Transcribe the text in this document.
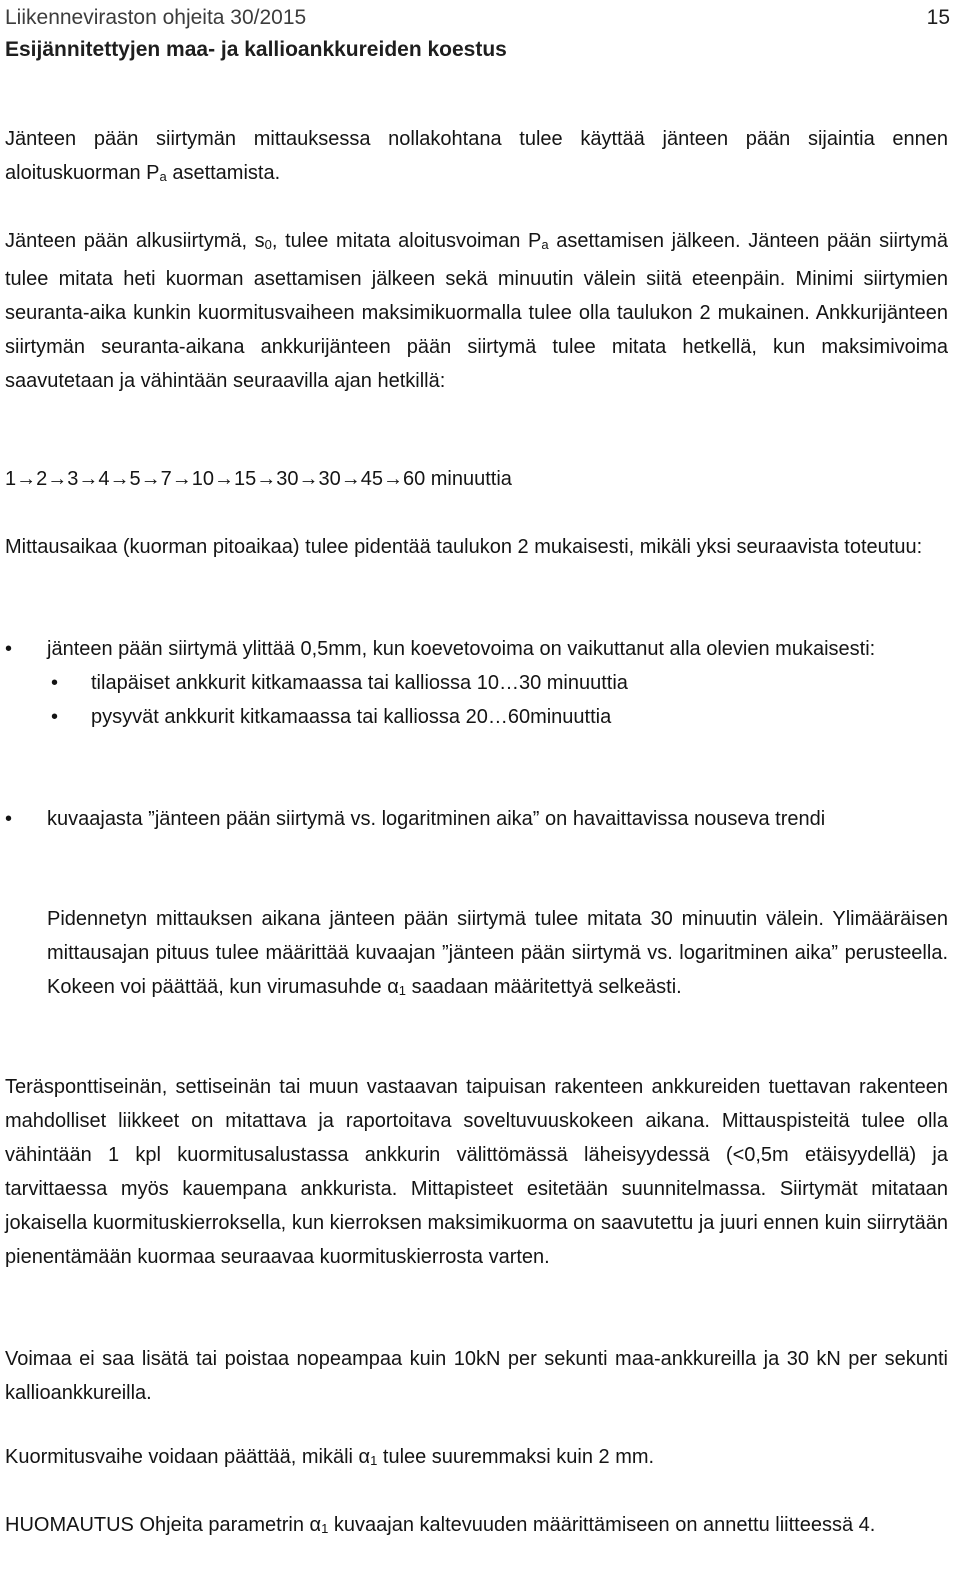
Liikenneviraston ohjeita 30/2015
Esijännitettyjen maa- ja kallioankkureiden koestus
15

Jänteen pään siirtymän mittauksessa nollakohtana tulee käyttää jänteen pään sijaintia ennen aloituskuorman Pa asettamista.

Jänteen pään alkusiirtymä, s0, tulee mitata aloitusvoiman Pa asettamisen jälkeen. Jänteen pään siirtymä tulee mitata heti kuorman asettamisen jälkeen sekä minuutin välein siitä eteenpäin. Minimi siirtymien seuranta-aika kunkin kuormitusvaiheen maksimikuormalla tulee olla taulukon 2 mukainen. Ankkurijänteen siirtymän seuranta-aikana ankkurijänteen pään siirtymä tulee mitata hetkellä, kun maksimivoima saavutetaan ja vähintään seuraavilla ajan hetkillä:

1→2→3→4→5→7→10→15→30→30→45→60 minuuttia

Mittausaikaa (kuorman pitoaikaa) tulee pidentää taulukon 2 mukaisesti, mikäli yksi seuraavista toteutuu:

• jänteen pään siirtymä ylittää 0,5mm, kun koevetovoima on vaikuttanut alla olevien mukaisesti:
• tilapäiset ankkurit kitkamaassa tai kalliossa 10…30 minuuttia
• pysyvät ankkurit kitkamaassa tai kalliossa 20…60minuuttia
• kuvaajasta ”jänteen pään siirtymä vs. logaritminen aika” on havaittavissa nouseva trendi

Pidennetyn mittauksen aikana jänteen pään siirtymä tulee mitata 30 minuutin välein. Ylimääräisen mittausajan pituus tulee määrittää kuvaajan ”jänteen pään siirtymä vs. logaritminen aika” perusteella. Kokeen voi päättää, kun virumasuhde α1 saadaan määritettyä selkeästi.

Teräsponttiseinän, settiseinän tai muun vastaavan taipuisan rakenteen ankkureiden tuettavan rakenteen mahdolliset liikkeet on mitattava ja raportoitava soveltuvuuskokeen aikana. Mittauspisteitä tulee olla vähintään 1 kpl kuormitusalustassa ankkurin välittömässä läheisyydessä (<0,5m etäisyydellä) ja tarvittaessa myös kauempana ankkurista. Mittapisteet esitetään suunnitelmassa. Siirtymät mitataan jokaisella kuormituskierroksella, kun kierroksen maksimikuorma on saavutettu ja juuri ennen kuin siirrytään pienentämään kuormaa seuraavaa kuormituskierrosta varten.

Voimaa ei saa lisätä tai poistaa nopeampaa kuin 10kN per sekunti maa-ankkureilla ja 30 kN per sekunti kallioankkureilla.

Kuormitusvaihe voidaan päättää, mikäli α1 tulee suuremmaksi kuin 2 mm.

HUOMAUTUS Ohjeita parametrin α1 kuvaajan kaltevuuden määrittämiseen on annettu liitteessä 4.
